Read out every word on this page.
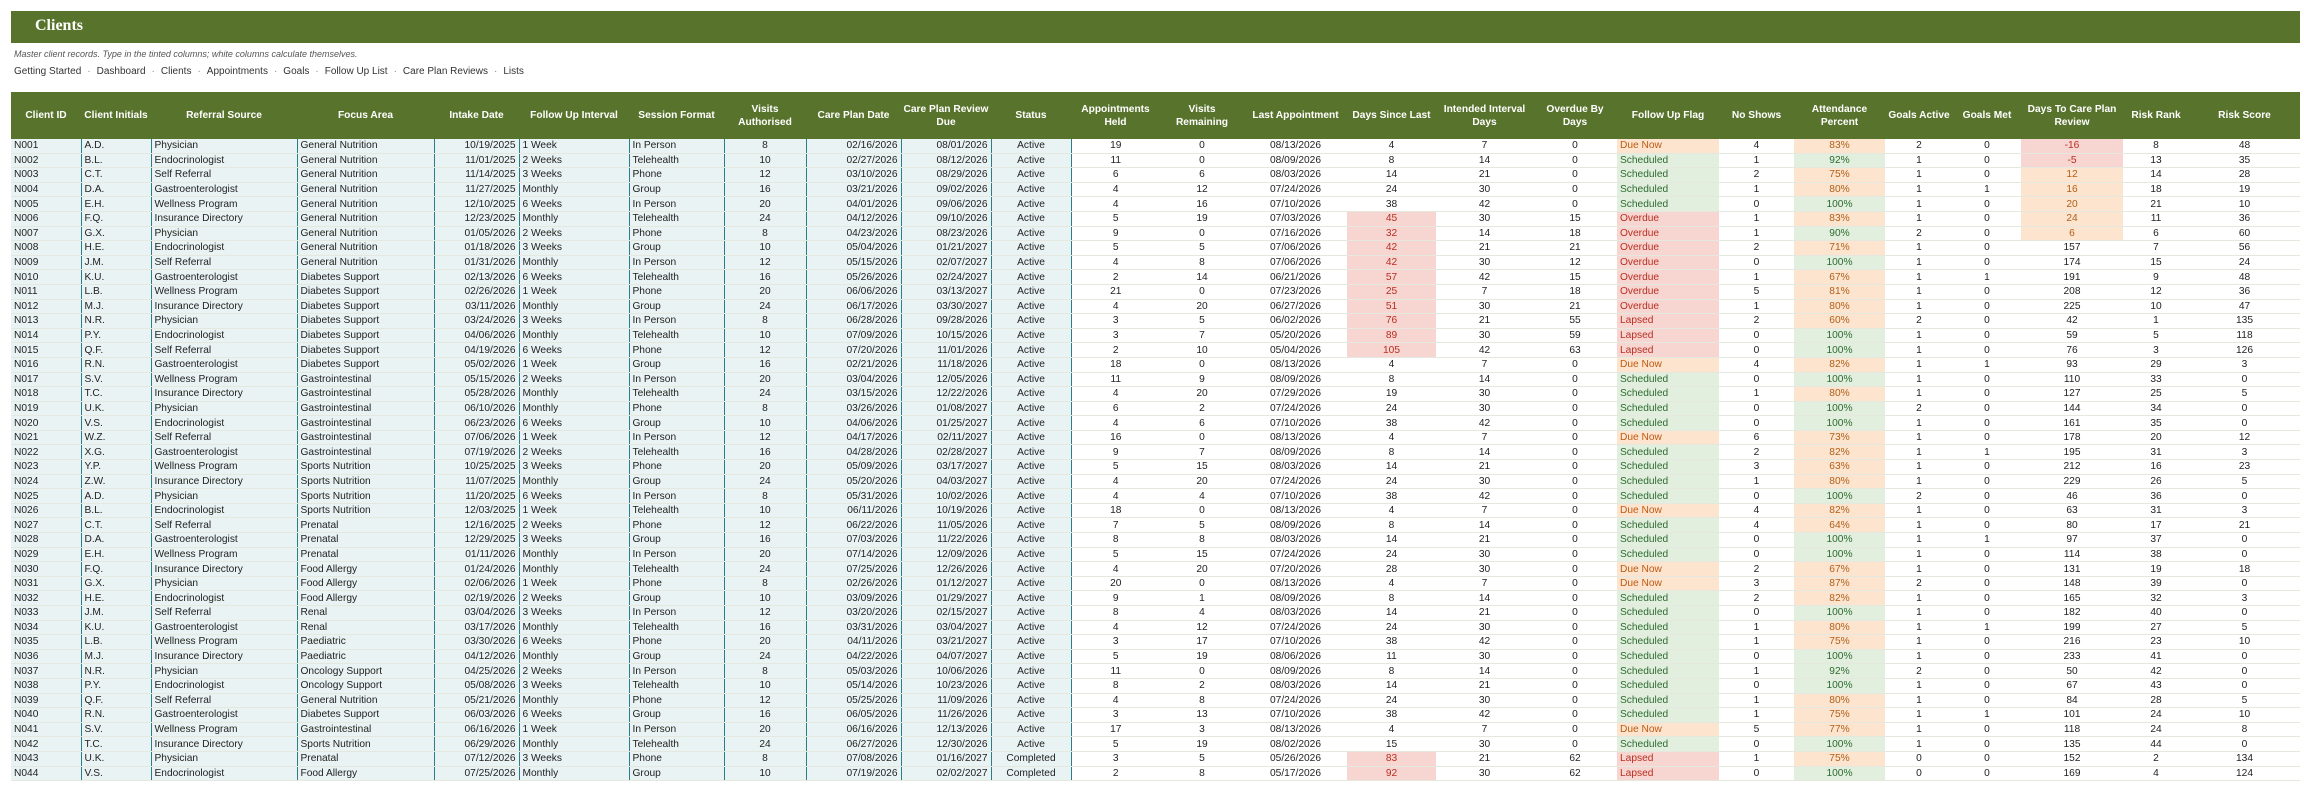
Clients
Master client records. Type in the tinted columns; white columns calculate themselves.
Getting Started · Dashboard · Clients · Appointments · Goals · Follow Up List · Care Plan Reviews · Lists
Client ID	Client Initials	Referral Source	Focus Area	Intake Date	Follow Up Interval	Session Format	Visits Authorised	Care Plan Date	Care Plan Review Due	Status	Appointments Held	Visits Remaining	Last Appointment	Days Since Last	Intended Interval Days	Overdue By Days	Follow Up Flag	No Shows	Attendance Percent	Goals Active	Goals Met	Days To Care Plan Review	Risk Rank	Risk Score
N001	A.D.	Physician	General Nutrition	10/19/2025	1 Week	In Person	8	02/16/2026	08/01/2026	Active	19	0	08/13/2026	4	7	0	Due Now	4	83%	2	0	-16	8	48
N002	B.L.	Endocrinologist	General Nutrition	11/01/2025	2 Weeks	Telehealth	10	02/27/2026	08/12/2026	Active	11	0	08/09/2026	8	14	0	Scheduled	1	92%	1	0	-5	13	35
N003	C.T.	Self Referral	General Nutrition	11/14/2025	3 Weeks	Phone	12	03/10/2026	08/29/2026	Active	6	6	08/03/2026	14	21	0	Scheduled	2	75%	1	0	12	14	28
N004	D.A.	Gastroenterologist	General Nutrition	11/27/2025	Monthly	Group	16	03/21/2026	09/02/2026	Active	4	12	07/24/2026	24	30	0	Scheduled	1	80%	1	1	16	18	19
N005	E.H.	Wellness Program	General Nutrition	12/10/2025	6 Weeks	In Person	20	04/01/2026	09/06/2026	Active	4	16	07/10/2026	38	42	0	Scheduled	0	100%	1	0	20	21	10
N006	F.Q.	Insurance Directory	General Nutrition	12/23/2025	Monthly	Telehealth	24	04/12/2026	09/10/2026	Active	5	19	07/03/2026	45	30	15	Overdue	1	83%	1	0	24	11	36
N007	G.X.	Physician	General Nutrition	01/05/2026	2 Weeks	Phone	8	04/23/2026	08/23/2026	Active	9	0	07/16/2026	32	14	18	Overdue	1	90%	2	0	6	6	60
N008	H.E.	Endocrinologist	General Nutrition	01/18/2026	3 Weeks	Group	10	05/04/2026	01/21/2027	Active	5	5	07/06/2026	42	21	21	Overdue	2	71%	1	0	157	7	56
N009	J.M.	Self Referral	General Nutrition	01/31/2026	Monthly	In Person	12	05/15/2026	02/07/2027	Active	4	8	07/06/2026	42	30	12	Overdue	0	100%	1	0	174	15	24
N010	K.U.	Gastroenterologist	Diabetes Support	02/13/2026	6 Weeks	Telehealth	16	05/26/2026	02/24/2027	Active	2	14	06/21/2026	57	42	15	Overdue	1	67%	1	1	191	9	48
N011	L.B.	Wellness Program	Diabetes Support	02/26/2026	1 Week	Phone	20	06/06/2026	03/13/2027	Active	21	0	07/23/2026	25	7	18	Overdue	5	81%	1	0	208	12	36
N012	M.J.	Insurance Directory	Diabetes Support	03/11/2026	Monthly	Group	24	06/17/2026	03/30/2027	Active	4	20	06/27/2026	51	30	21	Overdue	1	80%	1	0	225	10	47
N013	N.R.	Physician	Diabetes Support	03/24/2026	3 Weeks	In Person	8	06/28/2026	09/28/2026	Active	3	5	06/02/2026	76	21	55	Lapsed	2	60%	2	0	42	1	135
N014	P.Y.	Endocrinologist	Diabetes Support	04/06/2026	Monthly	Telehealth	10	07/09/2026	10/15/2026	Active	3	7	05/20/2026	89	30	59	Lapsed	0	100%	1	0	59	5	118
N015	Q.F.	Self Referral	Diabetes Support	04/19/2026	6 Weeks	Phone	12	07/20/2026	11/01/2026	Active	2	10	05/04/2026	105	42	63	Lapsed	0	100%	1	0	76	3	126
N016	R.N.	Gastroenterologist	Diabetes Support	05/02/2026	1 Week	Group	16	02/21/2026	11/18/2026	Active	18	0	08/13/2026	4	7	0	Due Now	4	82%	1	1	93	29	3
N017	S.V.	Wellness Program	Gastrointestinal	05/15/2026	2 Weeks	In Person	20	03/04/2026	12/05/2026	Active	11	9	08/09/2026	8	14	0	Scheduled	0	100%	1	0	110	33	0
N018	T.C.	Insurance Directory	Gastrointestinal	05/28/2026	Monthly	Telehealth	24	03/15/2026	12/22/2026	Active	4	20	07/29/2026	19	30	0	Scheduled	1	80%	1	0	127	25	5
N019	U.K.	Physician	Gastrointestinal	06/10/2026	Monthly	Phone	8	03/26/2026	01/08/2027	Active	6	2	07/24/2026	24	30	0	Scheduled	0	100%	2	0	144	34	0
N020	V.S.	Endocrinologist	Gastrointestinal	06/23/2026	6 Weeks	Group	10	04/06/2026	01/25/2027	Active	4	6	07/10/2026	38	42	0	Scheduled	0	100%	1	0	161	35	0
N021	W.Z.	Self Referral	Gastrointestinal	07/06/2026	1 Week	In Person	12	04/17/2026	02/11/2027	Active	16	0	08/13/2026	4	7	0	Due Now	6	73%	1	0	178	20	12
N022	X.G.	Gastroenterologist	Gastrointestinal	07/19/2026	2 Weeks	Telehealth	16	04/28/2026	02/28/2027	Active	9	7	08/09/2026	8	14	0	Scheduled	2	82%	1	1	195	31	3
N023	Y.P.	Wellness Program	Sports Nutrition	10/25/2025	3 Weeks	Phone	20	05/09/2026	03/17/2027	Active	5	15	08/03/2026	14	21	0	Scheduled	3	63%	1	0	212	16	23
N024	Z.W.	Insurance Directory	Sports Nutrition	11/07/2025	Monthly	Group	24	05/20/2026	04/03/2027	Active	4	20	07/24/2026	24	30	0	Scheduled	1	80%	1	0	229	26	5
N025	A.D.	Physician	Sports Nutrition	11/20/2025	6 Weeks	In Person	8	05/31/2026	10/02/2026	Active	4	4	07/10/2026	38	42	0	Scheduled	0	100%	2	0	46	36	0
N026	B.L.	Endocrinologist	Sports Nutrition	12/03/2025	1 Week	Telehealth	10	06/11/2026	10/19/2026	Active	18	0	08/13/2026	4	7	0	Due Now	4	82%	1	0	63	31	3
N027	C.T.	Self Referral	Prenatal	12/16/2025	2 Weeks	Phone	12	06/22/2026	11/05/2026	Active	7	5	08/09/2026	8	14	0	Scheduled	4	64%	1	0	80	17	21
N028	D.A.	Gastroenterologist	Prenatal	12/29/2025	3 Weeks	Group	16	07/03/2026	11/22/2026	Active	8	8	08/03/2026	14	21	0	Scheduled	0	100%	1	1	97	37	0
N029	E.H.	Wellness Program	Prenatal	01/11/2026	Monthly	In Person	20	07/14/2026	12/09/2026	Active	5	15	07/24/2026	24	30	0	Scheduled	0	100%	1	0	114	38	0
N030	F.Q.	Insurance Directory	Food Allergy	01/24/2026	Monthly	Telehealth	24	07/25/2026	12/26/2026	Active	4	20	07/20/2026	28	30	0	Due Now	2	67%	1	0	131	19	18
N031	G.X.	Physician	Food Allergy	02/06/2026	1 Week	Phone	8	02/26/2026	01/12/2027	Active	20	0	08/13/2026	4	7	0	Due Now	3	87%	2	0	148	39	0
N032	H.E.	Endocrinologist	Food Allergy	02/19/2026	2 Weeks	Group	10	03/09/2026	01/29/2027	Active	9	1	08/09/2026	8	14	0	Scheduled	2	82%	1	0	165	32	3
N033	J.M.	Self Referral	Renal	03/04/2026	3 Weeks	In Person	12	03/20/2026	02/15/2027	Active	8	4	08/03/2026	14	21	0	Scheduled	0	100%	1	0	182	40	0
N034	K.U.	Gastroenterologist	Renal	03/17/2026	Monthly	Telehealth	16	03/31/2026	03/04/2027	Active	4	12	07/24/2026	24	30	0	Scheduled	1	80%	1	1	199	27	5
N035	L.B.	Wellness Program	Paediatric	03/30/2026	6 Weeks	Phone	20	04/11/2026	03/21/2027	Active	3	17	07/10/2026	38	42	0	Scheduled	1	75%	1	0	216	23	10
N036	M.J.	Insurance Directory	Paediatric	04/12/2026	Monthly	Group	24	04/22/2026	04/07/2027	Active	5	19	08/06/2026	11	30	0	Scheduled	0	100%	1	0	233	41	0
N037	N.R.	Physician	Oncology Support	04/25/2026	2 Weeks	In Person	8	05/03/2026	10/06/2026	Active	11	0	08/09/2026	8	14	0	Scheduled	1	92%	2	0	50	42	0
N038	P.Y.	Endocrinologist	Oncology Support	05/08/2026	3 Weeks	Telehealth	10	05/14/2026	10/23/2026	Active	8	2	08/03/2026	14	21	0	Scheduled	0	100%	1	0	67	43	0
N039	Q.F.	Self Referral	General Nutrition	05/21/2026	Monthly	Phone	12	05/25/2026	11/09/2026	Active	4	8	07/24/2026	24	30	0	Scheduled	1	80%	1	0	84	28	5
N040	R.N.	Gastroenterologist	Diabetes Support	06/03/2026	6 Weeks	Group	16	06/05/2026	11/26/2026	Active	3	13	07/10/2026	38	42	0	Scheduled	1	75%	1	1	101	24	10
N041	S.V.	Wellness Program	Gastrointestinal	06/16/2026	1 Week	In Person	20	06/16/2026	12/13/2026	Active	17	3	08/13/2026	4	7	0	Due Now	5	77%	1	0	118	24	8
N042	T.C.	Insurance Directory	Sports Nutrition	06/29/2026	Monthly	Telehealth	24	06/27/2026	12/30/2026	Active	5	19	08/02/2026	15	30	0	Scheduled	0	100%	1	0	135	44	0
N043	U.K.	Physician	Prenatal	07/12/2026	3 Weeks	Phone	8	07/08/2026	01/16/2027	Completed	3	5	05/26/2026	83	21	62	Lapsed	1	75%	0	0	152	2	134
N044	V.S.	Endocrinologist	Food Allergy	07/25/2026	Monthly	Group	10	07/19/2026	02/02/2027	Completed	2	8	05/17/2026	92	30	62	Lapsed	0	100%	0	0	169	4	124
